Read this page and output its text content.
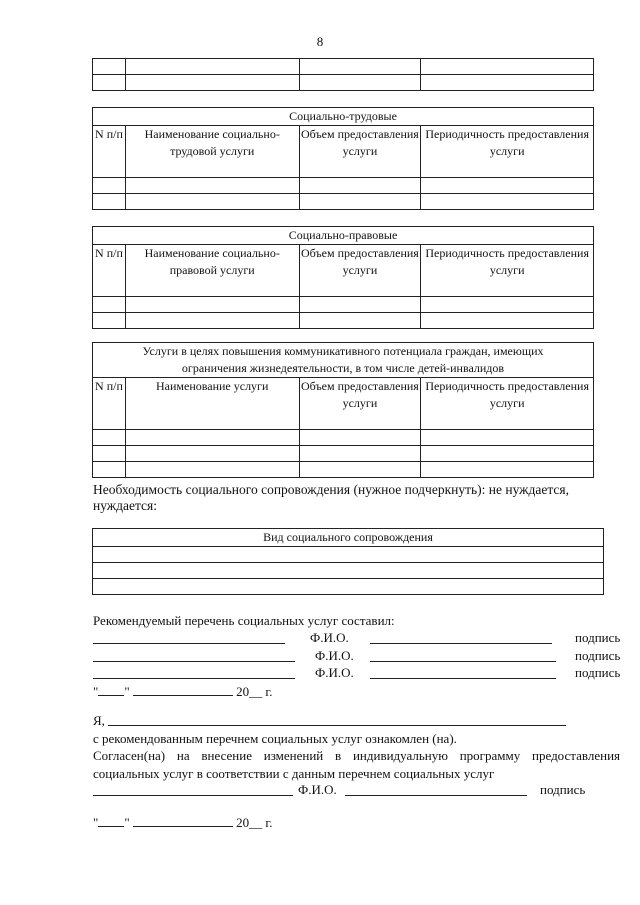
8

Социально-трудовые			
N п/п	Наименование социально-трудовой услуги	Объем предоставления услуги	Периодичность предоставления услуги

Социально-правовые			
N п/п	Наименование социально-правовой услуги	Объем предоставления услуги	Периодичность предоставления услуги

Услуги в целях повышения коммуникативного потенциала граждан, имеющих ограничения жизнедеятельности, в том числе детей-инвалидов			
N п/п	Наименование услуги	Объем предоставления услуги	Периодичность предоставления услуги

Необходимость социального сопровождения (нужное подчеркнуть): не нуждается,
нуждается:
Вид социального сопровождения

Рекомендуемый перечень социальных услуг составил:
Ф.И.О.	подпись
Ф.И.О.	подпись
Ф.И.О.	подпись
" "	20__ г.
Я,
с рекомендованным перечнем социальных услуг ознакомлен (на).
Согласен(на) на внесение изменений в индивидуальную программу предоставления
социальных услуг в соответствии с данным перечнем социальных услуг
Ф.И.О.	подпись
" "	20__ г.
